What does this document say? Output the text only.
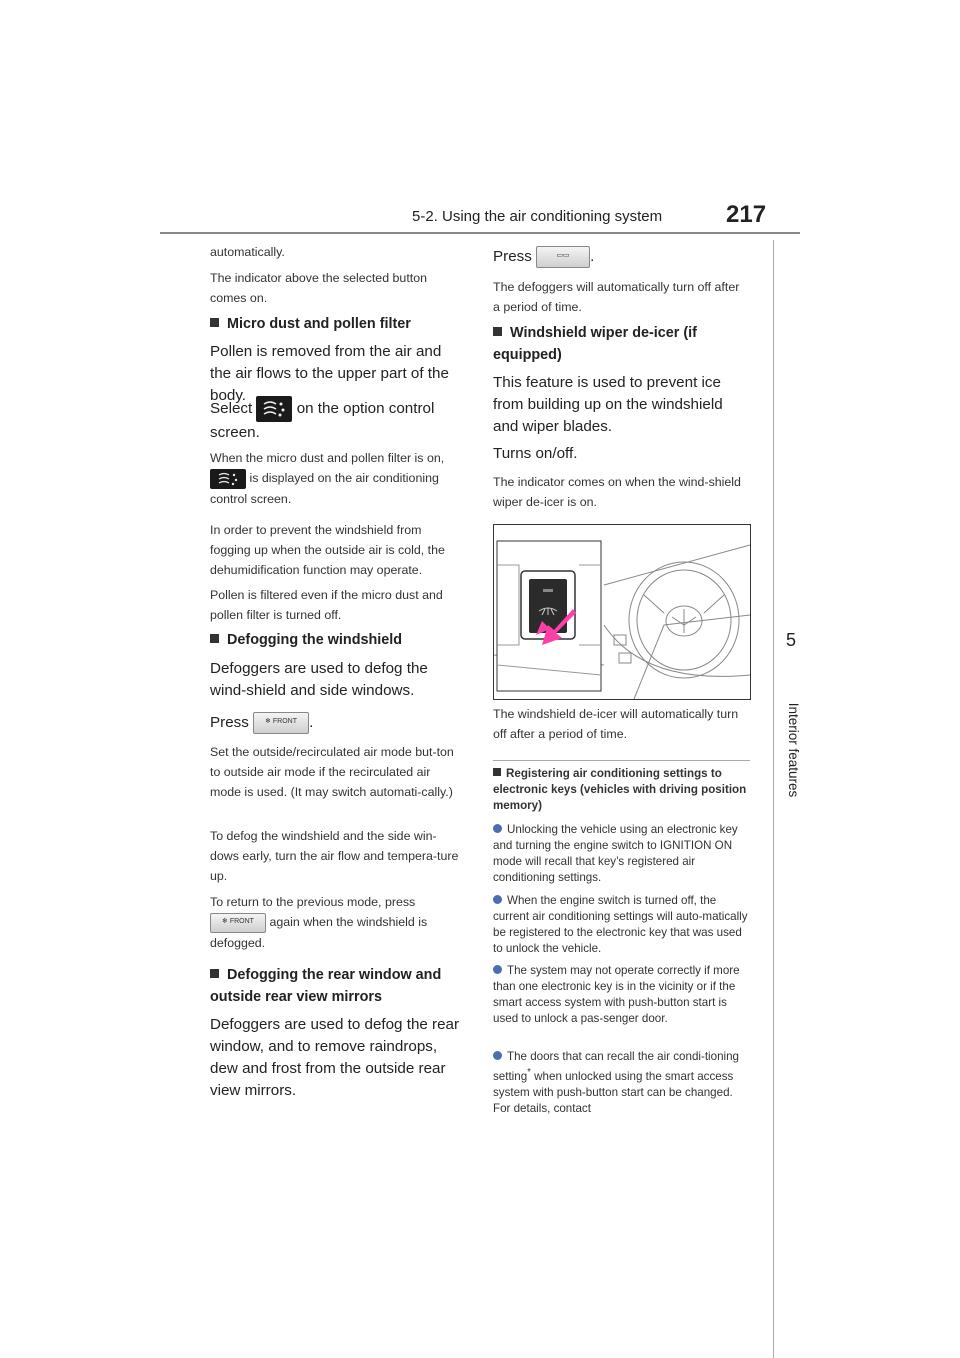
5-2. Using the air conditioning system	217
5
Interior features

automatically.

The indicator above the selected button comes on.

Micro dust and pollen filter

Pollen is removed from the air and the air flows to the upper part of the body.

Select	on the option control screen.
When the micro dust and pollen filter is on,
is displayed on the air conditioning control screen.

In order to prevent the windshield from fogging up when the outside air is cold, the dehumidification function may operate.

Pollen is filtered even if the micro dust and pollen filter is turned off.

Defogging the windshield

Defoggers are used to defog the wind-shield and side windows.

Press ❄ FRONT .

Set the outside/recirculated air mode but-ton to outside air mode if the recirculated air mode is used. (It may switch automati-cally.)

To defog the windshield and the side win-dows early, turn the air flow and tempera-ture up.

To return to the previous mode, press
❄ FRONT again when the windshield is defogged.
Defogging the rear window and outside rear view mirrors

Defoggers are used to defog the rear window, and to remove raindrops, dew and frost from the outside rear view mirrors.

Press	▭▭ .

The defoggers will automatically turn off after a period of time.

Windshield wiper de-icer (if equipped)

This feature is used to prevent ice from building up on the windshield and wiper blades.

Turns on/off.

The indicator comes on when the wind-shield wiper de-icer is on.

The windshield de-icer will automatically turn off after a period of time.

Registering air conditioning settings to electronic keys (vehicles with driving position memory)
Unlocking the vehicle using an electronic key and turning the engine switch to IGNITION ON mode will recall that key’s registered air conditioning settings.
When the engine switch is turned off, the current air conditioning settings will auto-matically be registered to the electronic key that was used to unlock the vehicle.
The system may not operate correctly if more than one electronic key is in the vicinity or if the smart access system with push-button start is used to unlock a pas-senger door.
The doors that can recall the air condi-tioning setting* when unlocked using the smart access system with push-button start can be changed. For details, contact
